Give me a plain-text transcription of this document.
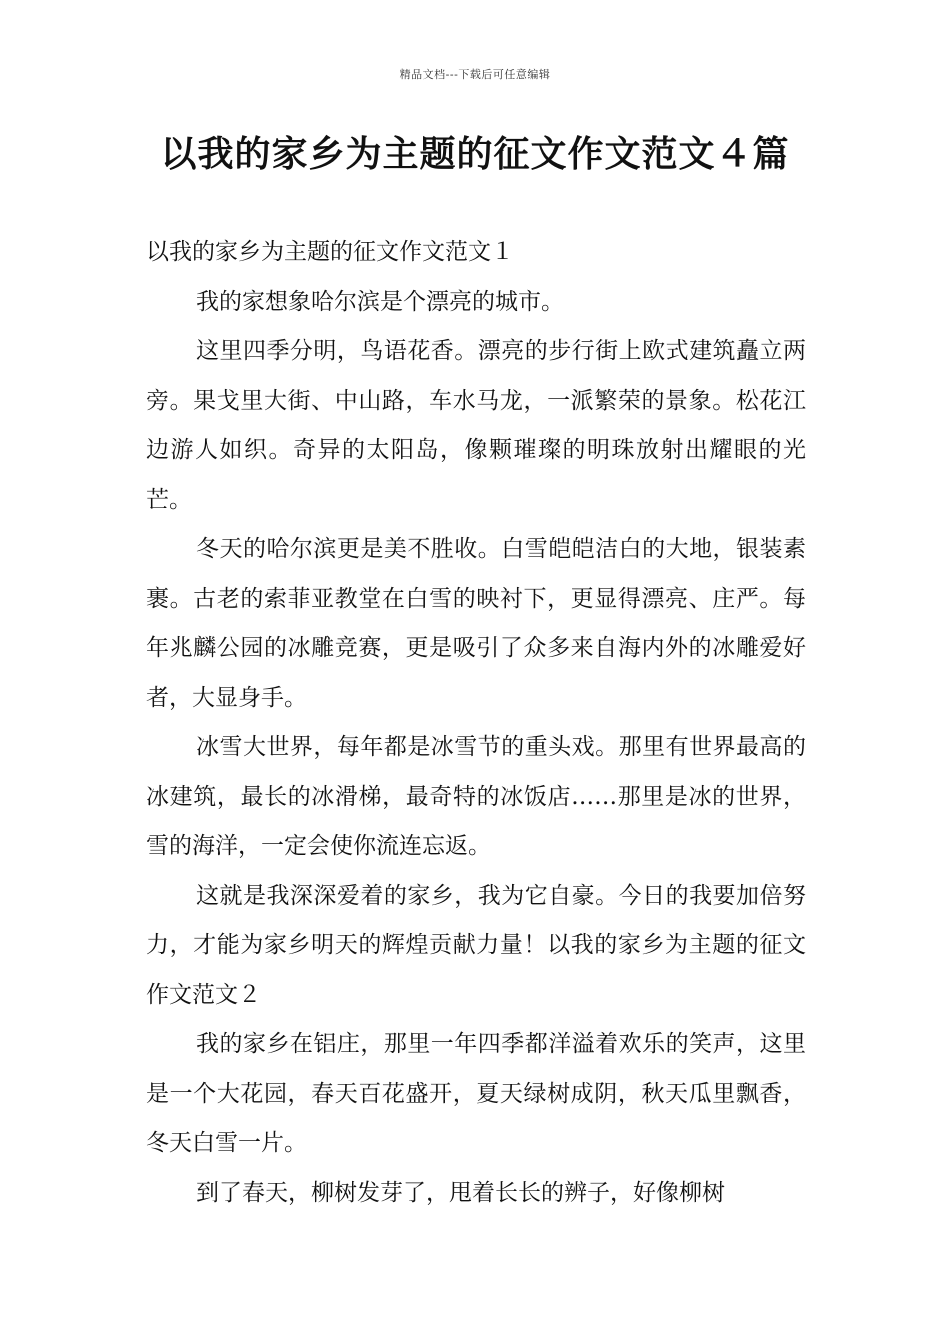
精品文档---下载后可任意编辑
以我的家乡为主题的征文作文范文４篇

以我的家乡为主题的征文作文范文１

我的家想象哈尔滨是个漂亮的城市。

这里四季分明，鸟语花香。漂亮的步行街上欧式建筑矗立两旁。果戈里大街、中山路，车水马龙，一派繁荣的景象。松花江边游人如织。奇异的太阳岛，像颗璀璨的明珠放射出耀眼的光芒。

冬天的哈尔滨更是美不胜收。白雪皑皑洁白的大地，银装素裹。古老的索菲亚教堂在白雪的映衬下，更显得漂亮、庄严。每年兆麟公园的冰雕竞赛，更是吸引了众多来自海内外的冰雕爱好者，大显身手。

冰雪大世界，每年都是冰雪节的重头戏。那里有世界最高的冰建筑，最长的冰滑梯，最奇特的冰饭店……那里是冰的世界，雪的海洋，一定会使你流连忘返。

这就是我深深爱着的家乡，我为它自豪。今日的我要加倍努力，才能为家乡明天的辉煌贡献力量！以我的家乡为主题的征文作文范文２

我的家乡在铝庄，那里一年四季都洋溢着欢乐的笑声，这里是一个大花园，春天百花盛开，夏天绿树成阴，秋天瓜里飘香，冬天白雪一片。

到了春天，柳树发芽了，甩着长长的辨子，好像柳树
